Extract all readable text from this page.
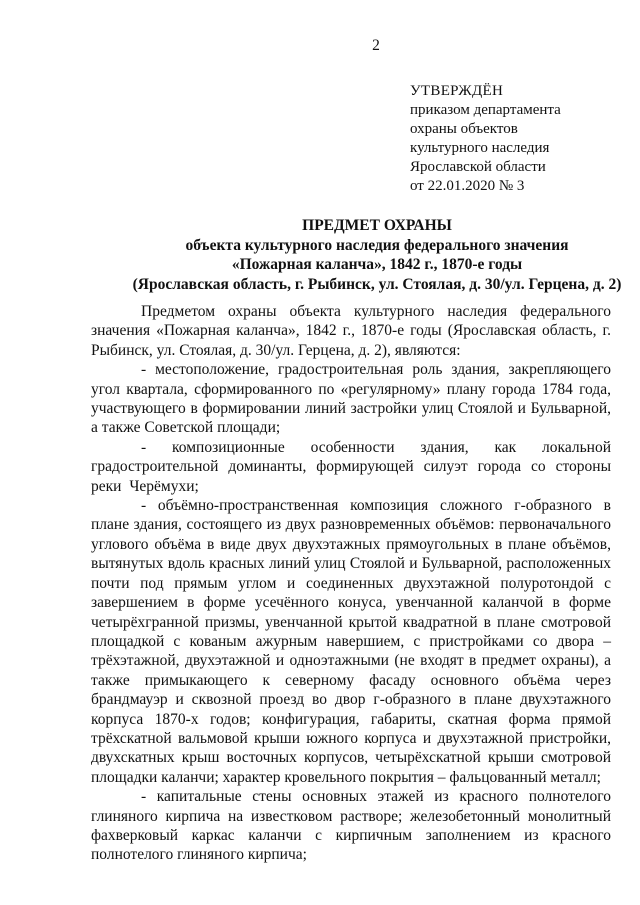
2
УТВЕРЖДЁН
приказом департамента
охраны объектов
культурного наследия
Ярославской области
от 22.01.2020 № 3
ПРЕДМЕТ ОХРАНЫ
объекта культурного наследия федерального значения
«Пожарная каланча», 1842 г., 1870-е годы
(Ярославская область, г. Рыбинск, ул. Стоялая, д. 30/ул. Герцена, д. 2)

Предметом охраны объекта культурного наследия федерального значения «Пожарная каланча», 1842 г., 1870-е годы (Ярославская область, г. Рыбинск, ул. Стоялая, д. 30/ул. Герцена, д. 2), являются:

- местоположение, градостроительная роль здания, закрепляющего угол квартала, сформированного по «регулярному» плану города 1784 года, участвующего в формировании линий застройки улиц Стоялой и Бульварной, а также Советской площади;

- композиционные особенности здания, как локальной градостроительной доминанты, формирующей силуэт города со стороны реки Черёмухи;

- объёмно-пространственная композиция сложного г-образного в плане здания, состоящего из двух разновременных объёмов: первоначального углового объёма в виде двух двухэтажных прямоугольных в плане объёмов, вытянутых вдоль красных линий улиц Стоялой и Бульварной, расположенных почти под прямым углом и соединенных двухэтажной полуротондой с завершением в форме усечённого конуса, увенчанной каланчой в форме четырёхгранной призмы, увенчанной крытой квадратной в плане смотровой площадкой с кованым ажурным навершием, с пристройками со двора – трёхэтажной, двухэтажной и одноэтажными (не входят в предмет охраны), а также примыкающего к северному фасаду основного объёма через брандмауэр и сквозной проезд во двор г-образного в плане двухэтажного корпуса 1870-х годов; конфигурация, габариты, скатная форма прямой трёхскатной вальмовой крыши южного корпуса и двухэтажной пристройки, двухскатных крыш восточных корпусов, четырёхскатной крыши смотровой площадки каланчи; характер кровельного покрытия – фальцованный металл;

- капитальные стены основных этажей из красного полнотелого глиняного кирпича на известковом растворе; железобетонный монолитный фахверковый каркас каланчи с кирпичным заполнением из красного полнотелого глиняного кирпича;
